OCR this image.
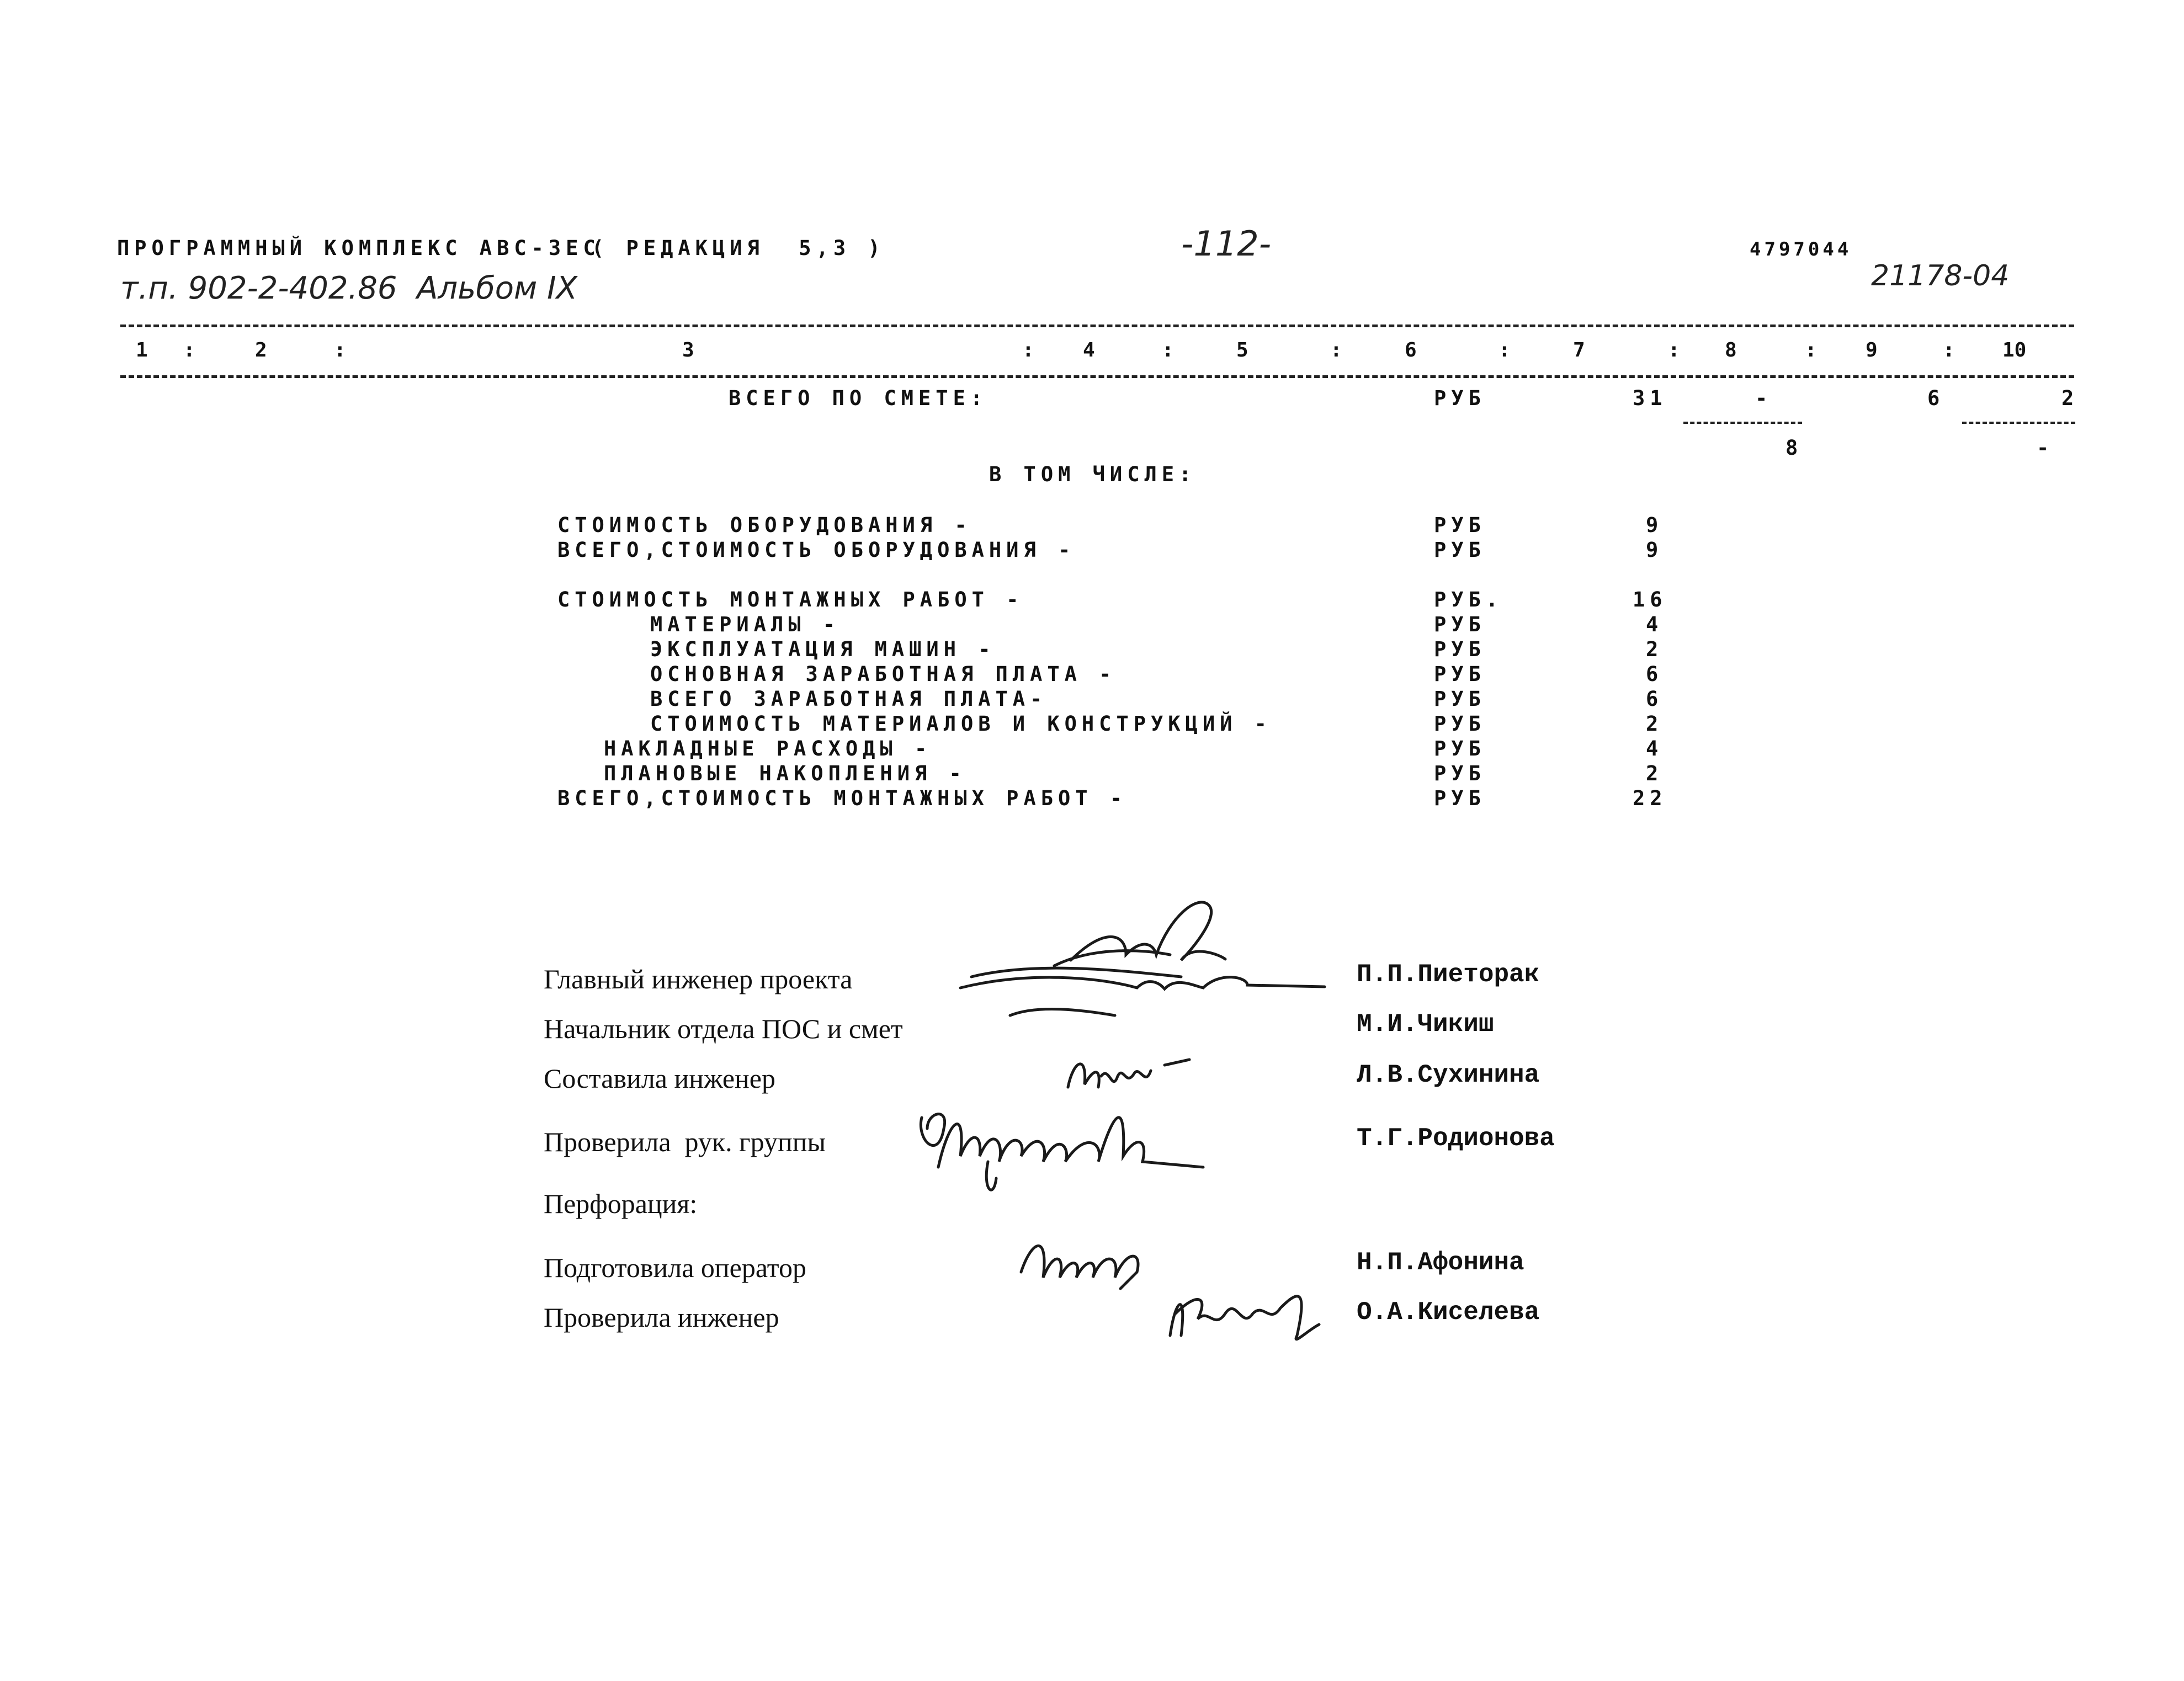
ПРОГРАММНЫЙ КОМПЛЕКС АВС-3ЕС
( РЕДАКЦИЯ  5,3 )	-112-	4797044
т.п. 902-2-402.86  Альбом IX	21178-04
1 :	2	:	3	: 4	:	5	:	6	:	7	: 8	: 9	: 10
ВСЕГО ПО СМЕТЕ:	РУБ	31	-	6	2
8	-
В ТОМ ЧИСЛЕ:
СТОИМОСТЬ ОБОРУДОВАНИЯ -	РУБ	9
ВСЕГО,СТОИМОСТЬ ОБОРУДОВАНИЯ -	РУБ	9
СТОИМОСТЬ МОНТАЖНЫХ РАБОТ -	РУБ.	16
МАТЕРИАЛЫ -	РУБ	4
ЭКСПЛУАТАЦИЯ МАШИН -	РУБ	2
ОСНОВНАЯ ЗАРАБОТНАЯ ПЛАТА -	РУБ	6
ВСЕГО ЗАРАБОТНАЯ ПЛАТА-	РУБ	6
СТОИМОСТЬ МАТЕРИАЛОВ И КОНСТРУКЦИЙ -	РУБ	2
НАКЛАДНЫЕ РАСХОДЫ -	РУБ	4
ПЛАНОВЫЕ НАКОПЛЕНИЯ -	РУБ	2
ВСЕГО,СТОИМОСТЬ МОНТАЖНЫХ РАБОТ -	РУБ	22
Главный инженер проекта	П.П.Пиеторак
Начальник отдела ПОС и смет	М.И.Чикиш
Составила инженер	Л.В.Сухинина
Проверила  рук. группы	Т.Г.Родионова
Перфорация:
Подготовила оператор	Н.П.Афонина
Проверила инженер	О.А.Киселева
